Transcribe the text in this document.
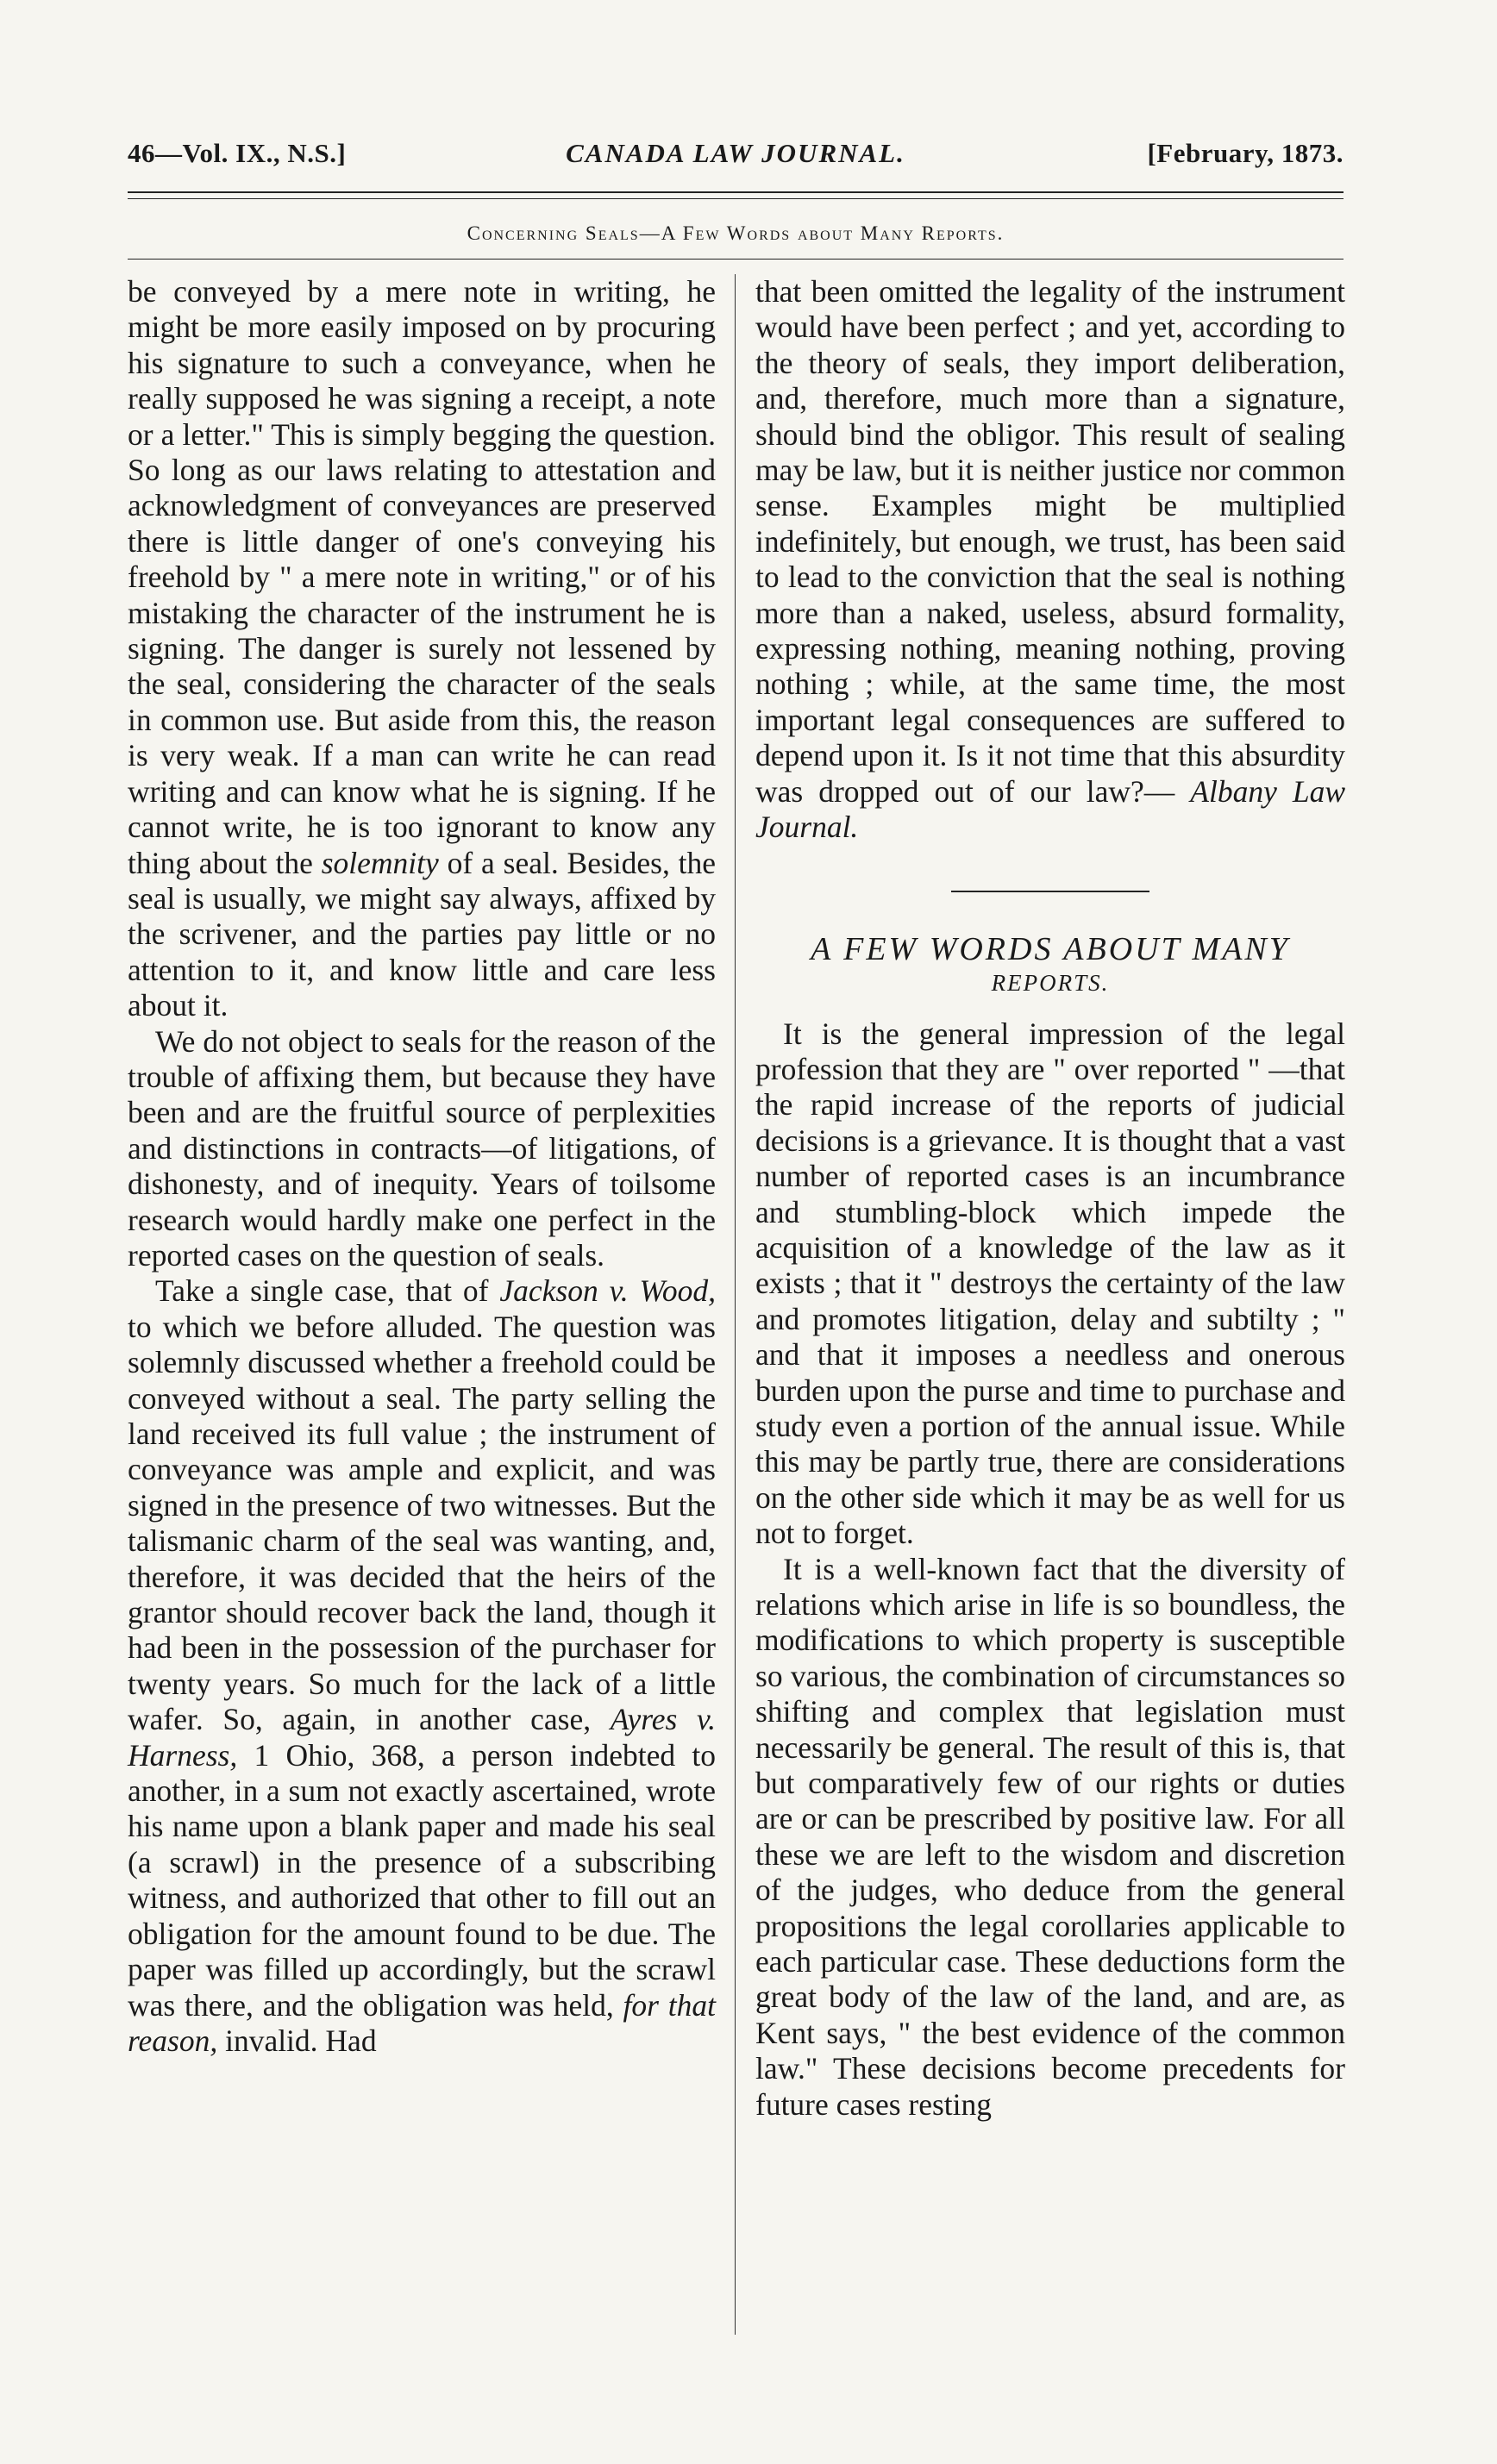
46—Vol. IX., N.S.]	CANADA LAW JOURNAL.	[February, 1873.
Concerning Seals—A Few Words about Many Reports.

be conveyed by a mere note in writing, he might be more easily imposed on by procuring his signature to such a conveyance, when he really supposed he was signing a receipt, a note or a letter." This is simply begging the question. So long as our laws relating to attestation and acknowledgment of conveyances are preserved there is little danger of one's conveying his freehold by " a mere note in writing," or of his mistaking the character of the instrument he is signing. The danger is surely not lessened by the seal, considering the character of the seals in common use. But aside from this, the reason is very weak. If a man can write he can read writing and can know what he is signing. If he cannot write, he is too ignorant to know any thing about the solemnity of a seal. Besides, the seal is usually, we might say always, affixed by the scrivener, and the parties pay little or no attention to it, and know little and care less about it.

We do not object to seals for the reason of the trouble of affixing them, but because they have been and are the fruitful source of perplexities and distinctions in contracts—of litigations, of dishonesty, and of inequity. Years of toilsome research would hardly make one perfect in the reported cases on the question of seals.

Take a single case, that of Jackson v. Wood, to which we before alluded. The question was solemnly discussed whether a freehold could be conveyed without a seal. The party selling the land received its full value ; the instrument of conveyance was ample and explicit, and was signed in the presence of two witnesses. But the talismanic charm of the seal was wanting, and, therefore, it was decided that the heirs of the grantor should recover back the land, though it had been in the possession of the purchaser for twenty years. So much for the lack of a little wafer. So, again, in another case, Ayres v. Harness, 1 Ohio, 368, a person indebted to another, in a sum not exactly ascertained, wrote his name upon a blank paper and made his seal (a scrawl) in the presence of a subscribing witness, and authorized that other to fill out an obligation for the amount found to be due. The paper was filled up accordingly, but the scrawl was there, and the obligation was held, for that reason, invalid. Had

that been omitted the legality of the instrument would have been perfect ; and yet, according to the theory of seals, they import deliberation, and, therefore, much more than a signature, should bind the obligor. This result of sealing may be law, but it is neither justice nor common sense. Examples might be multiplied indefinitely, but enough, we trust, has been said to lead to the conviction that the seal is nothing more than a naked, useless, absurd formality, expressing nothing, meaning nothing, proving nothing ; while, at the same time, the most important legal consequences are suffered to depend upon it. Is it not time that this absurdity was dropped out of our law?— Albany Law Journal.

A FEW WORDS ABOUT MANY
REPORTS.

It is the general impression of the legal profession that they are " over reported " —that the rapid increase of the reports of judicial decisions is a grievance. It is thought that a vast number of reported cases is an incumbrance and stumbling-block which impede the acquisition of a knowledge of the law as it exists ; that it " destroys the certainty of the law and promotes litigation, delay and subtilty ; " and that it imposes a needless and onerous burden upon the purse and time to purchase and study even a portion of the annual issue. While this may be partly true, there are considerations on the other side which it may be as well for us not to forget.

It is a well-known fact that the diversity of relations which arise in life is so boundless, the modifications to which property is susceptible so various, the combination of circumstances so shifting and complex that legislation must necessarily be general. The result of this is, that but comparatively few of our rights or duties are or can be prescribed by positive law. For all these we are left to the wisdom and discretion of the judges, who deduce from the general propositions the legal corollaries applicable to each particular case. These deductions form the great body of the law of the land, and are, as Kent says, " the best evidence of the common law." These decisions become precedents for future cases resting
